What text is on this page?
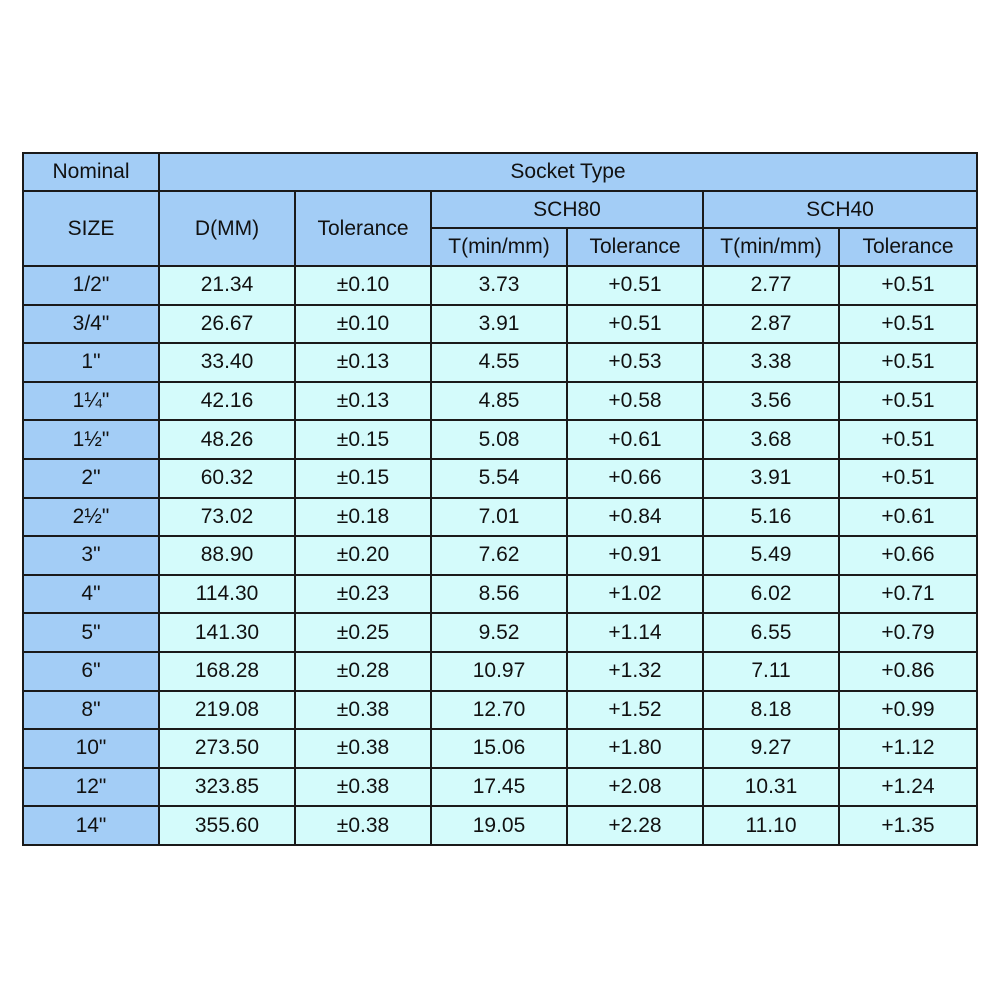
Nominal	Socket Type					
SIZE	D(MM)	Tolerance	SCH80		SCH40	
			T(min/mm)	Tolerance	T(min/mm)	Tolerance
1/2"	21.34	±0.10	3.73	+0.51	2.77	+0.51
3/4"	26.67	±0.10	3.91	+0.51	2.87	+0.51
1"	33.40	±0.13	4.55	+0.53	3.38	+0.51
1¼"	42.16	±0.13	4.85	+0.58	3.56	+0.51
1½"	48.26	±0.15	5.08	+0.61	3.68	+0.51
2"	60.32	±0.15	5.54	+0.66	3.91	+0.51
2½"	73.02	±0.18	7.01	+0.84	5.16	+0.61
3"	88.90	±0.20	7.62	+0.91	5.49	+0.66
4"	114.30	±0.23	8.56	+1.02	6.02	+0.71
5"	141.30	±0.25	9.52	+1.14	6.55	+0.79
6"	168.28	±0.28	10.97	+1.32	7.11	+0.86
8"	219.08	±0.38	12.70	+1.52	8.18	+0.99
10"	273.50	±0.38	15.06	+1.80	9.27	+1.12
12"	323.85	±0.38	17.45	+2.08	10.31	+1.24
14"	355.60	±0.38	19.05	+2.28	11.10	+1.35
